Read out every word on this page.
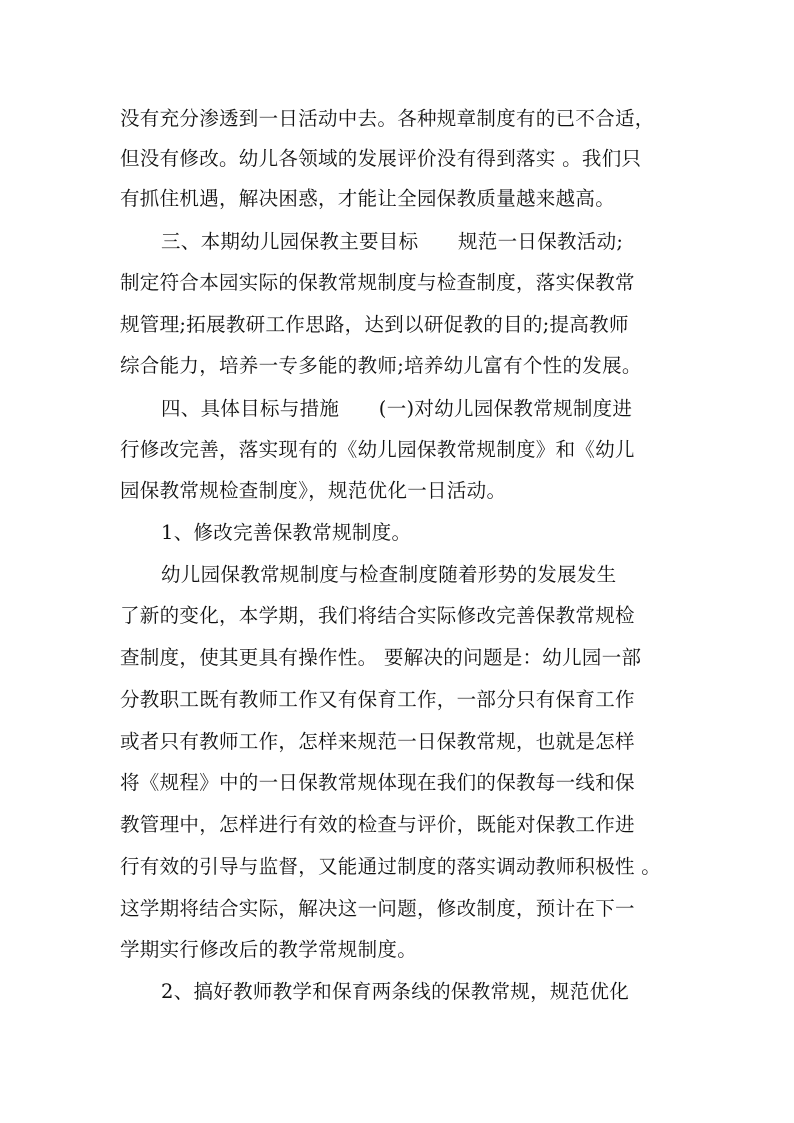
没有充分渗透到一日活动中去。各种规章制度有的已不合适，
但没有修改。幼儿各领域的发展评价没有得到落实 。我们只
有抓住机遇，解决困惑，才能让全园保教质量越来越高。
三、本期幼儿园保教主要目标　　规范一日保教活动;
制定符合本园实际的保教常规制度与检查制度，落实保教常
规管理;拓展教研工作思路，达到以研促教的目的;提高教师
综合能力，培养一专多能的教师;培养幼儿富有个性的发展。
四、具体目标与措施　　(一)对幼儿园保教常规制度进
行修改完善，落实现有的《幼儿园保教常规制度》和《幼儿
园保教常规检查制度》，规范优化一日活动。
1、修改完善保教常规制度。
幼儿园保教常规制度与检查制度随着形势的发展发生
了新的变化，本学期，我们将结合实际修改完善保教常规检
查制度，使其更具有操作性。 要解决的问题是：幼儿园一部
分教职工既有教师工作又有保育工作，一部分只有保育工作
或者只有教师工作，怎样来规范一日保教常规，也就是怎样
将《规程》中的一日保教常规体现在我们的保教每一线和保
教管理中，怎样进行有效的检查与评价，既能对保教工作进
行有效的引导与监督，又能通过制度的落实调动教师积极性 。
这学期将结合实际，解决这一问题，修改制度，预计在下一
学期实行修改后的教学常规制度。
2、搞好教师教学和保育两条线的保教常规，规范优化
